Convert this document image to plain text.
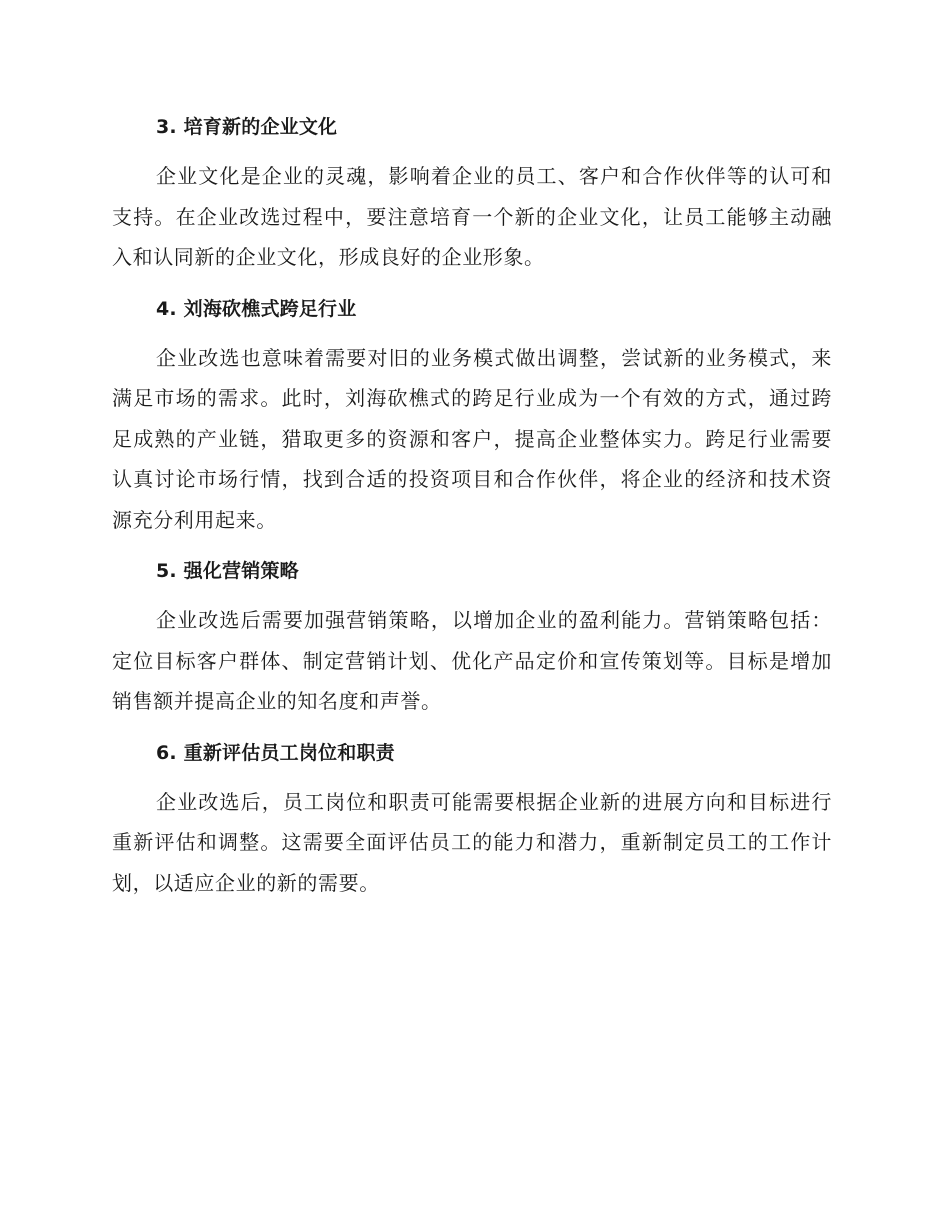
3. 培育新的企业文化

企业文化是企业的灵魂，影响着企业的员工、客户和合作伙伴等的认可和支持。在企业改选过程中，要注意培育一个新的企业文化，让员工能够主动融入和认同新的企业文化，形成良好的企业形象。

4. 刘海砍樵式跨足行业

企业改选也意味着需要对旧的业务模式做出调整，尝试新的业务模式，来满足市场的需求。此时，刘海砍樵式的跨足行业成为一个有效的方式，通过跨足成熟的产业链，猎取更多的资源和客户，提高企业整体实力。跨足行业需要认真讨论市场行情，找到合适的投资项目和合作伙伴，将企业的经济和技术资源充分利用起来。

5. 强化营销策略

企业改选后需要加强营销策略，以增加企业的盈利能力。营销策略包括：定位目标客户群体、制定营销计划、优化产品定价和宣传策划等。目标是增加销售额并提高企业的知名度和声誉。

6. 重新评估员工岗位和职责

企业改选后，员工岗位和职责可能需要根据企业新的进展方向和目标进行重新评估和调整。这需要全面评估员工的能力和潜力，重新制定员工的工作计划，以适应企业的新的需要。
